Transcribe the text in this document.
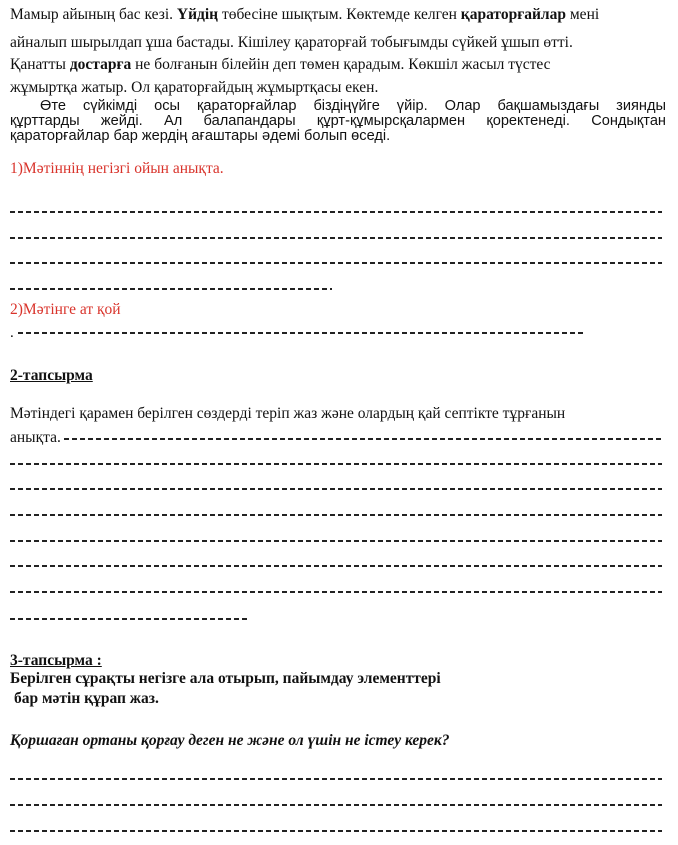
Мамыр айының бас кезі. Үйдің төбесіне шықтым. Көктемде келген қараторғайлар мені
айналып шырылдап ұша бастады. Кішілеу қараторғай тобығымды сүйкей ұшып өтті.
Қанатты достарға не болғанын білейін деп төмен қарадым. Көкшіл жасыл түстес
жұмыртқа жатыр. Ол қараторғайдың жұмыртқасы екен.
Өте сүйкімді осы қараторғайлар біздіңүйге үйір. Олар бақшамыздағы зиянды
құрттарды жейді. Ал балапандары құрт-құмырсқалармен қоректенеді. Сондықтан
қараторғайлар бар жердің ағаштары әдемі болып өседі.
1)Мәтіннің негізгі ойын анықта.
2)Мәтінге ат қой
.
2-тапсырма
Мәтіндегі қарамен берілген сөздерді теріп жаз және олардың қай септікте тұрғанын
анықта.
3-тапсырма :
Берілген сұрақты негізге ала отырып, пайымдау элементтері
бар мәтін құрап жаз.
Қоршаған ортаны қорғау деген не және ол үшін не істеу керек?
